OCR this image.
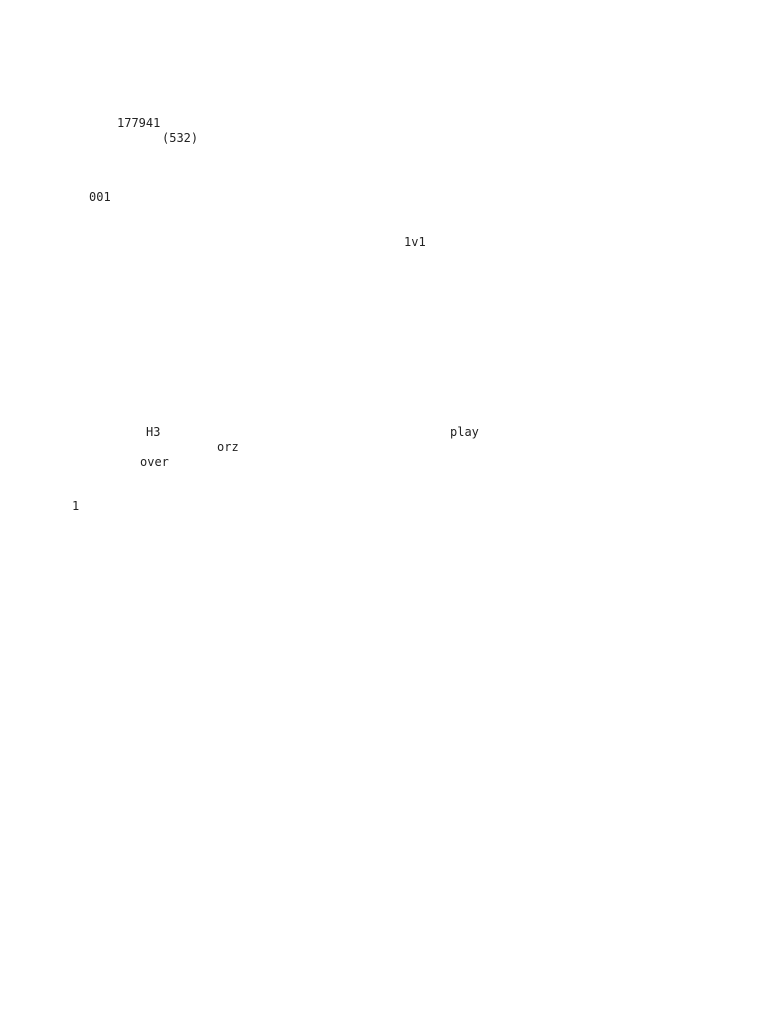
177941
(532)
001
1v1
H3	play
orz
over
1
